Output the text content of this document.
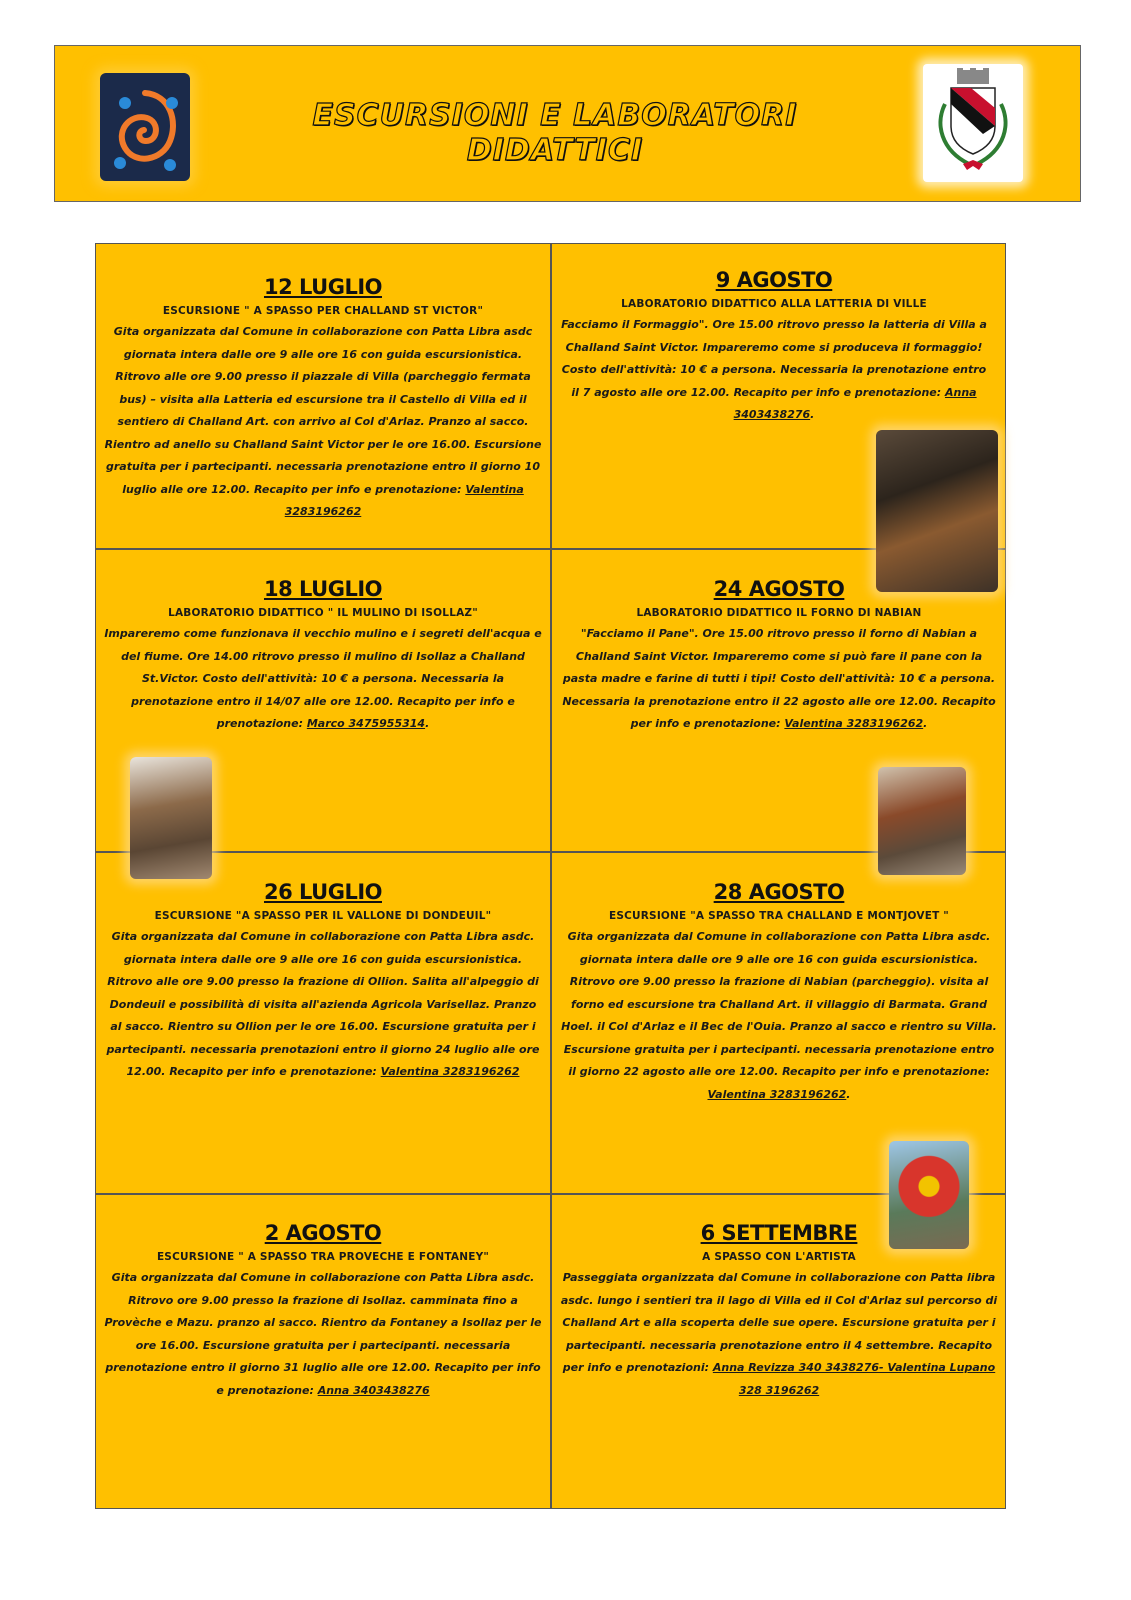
ESCURSIONI E LABORATORI DIDATTICI
12 LUGLIO
ESCURSIONE " A SPASSO PER CHALLAND ST VICTOR"

Gita organizzata dal Comune in collaborazione con Patta Libra asdc giornata intera dalle ore 9 alle ore 16 con guida escursionistica. Ritrovo alle ore 9.00 presso il piazzale di Villa (parcheggio fermata bus) – visita alla Latteria ed escursione tra il Castello di Villa ed il sentiero di Challand Art. con arrivo al Col d'Arlaz. Pranzo al sacco. Rientro ad anello su Challand Saint Victor per le ore 16.00. Escursione gratuita per i partecipanti. necessaria prenotazione entro il giorno 10 luglio alle ore 12.00. Recapito per info e prenotazione: Valentina 3283196262

9 AGOSTO
LABORATORIO DIDATTICO ALLA LATTERIA DI VILLE

Facciamo il Formaggio". Ore 15.00 ritrovo presso la latteria di Villa a Challand Saint Victor. Impareremo come si produceva il formaggio! Costo dell'attività: 10 € a persona. Necessaria la prenotazione entro il 7 agosto alle ore 12.00. Recapito per info e prenotazione: Anna 3403438276.

18 LUGLIO
LABORATORIO DIDATTICO " IL MULINO DI ISOLLAZ"

Impareremo come funzionava il vecchio mulino e i segreti dell'acqua e del fiume. Ore 14.00 ritrovo presso il mulino di Isollaz a Challand St.Victor. Costo dell'attività: 10 € a persona. Necessaria la prenotazione entro il 14/07 alle ore 12.00. Recapito per info e prenotazione: Marco 3475955314.

24 AGOSTO
LABORATORIO DIDATTICO IL FORNO DI NABIAN

"Facciamo il Pane". Ore 15.00 ritrovo presso il forno di Nabian a Challand Saint Victor. Impareremo come si può fare il pane con la pasta madre e farine di tutti i tipi! Costo dell'attività: 10 € a persona. Necessaria la prenotazione entro il 22 agosto alle ore 12.00. Recapito per info e prenotazione: Valentina 3283196262.

26 LUGLIO
ESCURSIONE "A SPASSO PER IL VALLONE DI DONDEUIL"

Gita organizzata dal Comune in collaborazione con Patta Libra asdc. giornata intera dalle ore 9 alle ore 16 con guida escursionistica. Ritrovo alle ore 9.00 presso la frazione di Ollion. Salita all'alpeggio di Dondeuil e possibilità di visita all'azienda Agricola Varisellaz. Pranzo al sacco. Rientro su Ollion per le ore 16.00. Escursione gratuita per i partecipanti. necessaria prenotazioni entro il giorno 24 luglio alle ore 12.00. Recapito per info e prenotazione: Valentina 3283196262

28 AGOSTO
ESCURSIONE "A SPASSO TRA CHALLAND E MONTJOVET "

Gita organizzata dal Comune in collaborazione con Patta Libra asdc. giornata intera dalle ore 9 alle ore 16 con guida escursionistica. Ritrovo ore 9.00 presso la frazione di Nabian (parcheggio). visita al forno ed escursione tra Challand Art. il villaggio di Barmata. Grand Hoel. il Col d'Arlaz e il Bec de l'Ouia. Pranzo al sacco e rientro su Villa. Escursione gratuita per i partecipanti. necessaria prenotazione entro il giorno 22 agosto alle ore 12.00. Recapito per info e prenotazione: Valentina 3283196262.

2 AGOSTO
ESCURSIONE " A SPASSO TRA PROVECHE E FONTANEY"

Gita organizzata dal Comune in collaborazione con Patta Libra asdc. Ritrovo ore 9.00 presso la frazione di Isollaz. camminata fino a Provèche e Mazu. pranzo al sacco. Rientro da Fontaney a Isollaz per le ore 16.00. Escursione gratuita per i partecipanti. necessaria prenotazione entro il giorno 31 luglio alle ore 12.00. Recapito per info e prenotazione: Anna 3403438276

6 SETTEMBRE
A SPASSO CON L'ARTISTA

Passeggiata organizzata dal Comune in collaborazione con Patta libra asdc. lungo i sentieri tra il lago di Villa ed il Col d'Arlaz sul percorso di Challand Art e alla scoperta delle sue opere. Escursione gratuita per i partecipanti. necessaria prenotazione entro il 4 settembre. Recapito per info e prenotazioni: Anna Revizza 340 3438276- Valentina Lupano 328 3196262
